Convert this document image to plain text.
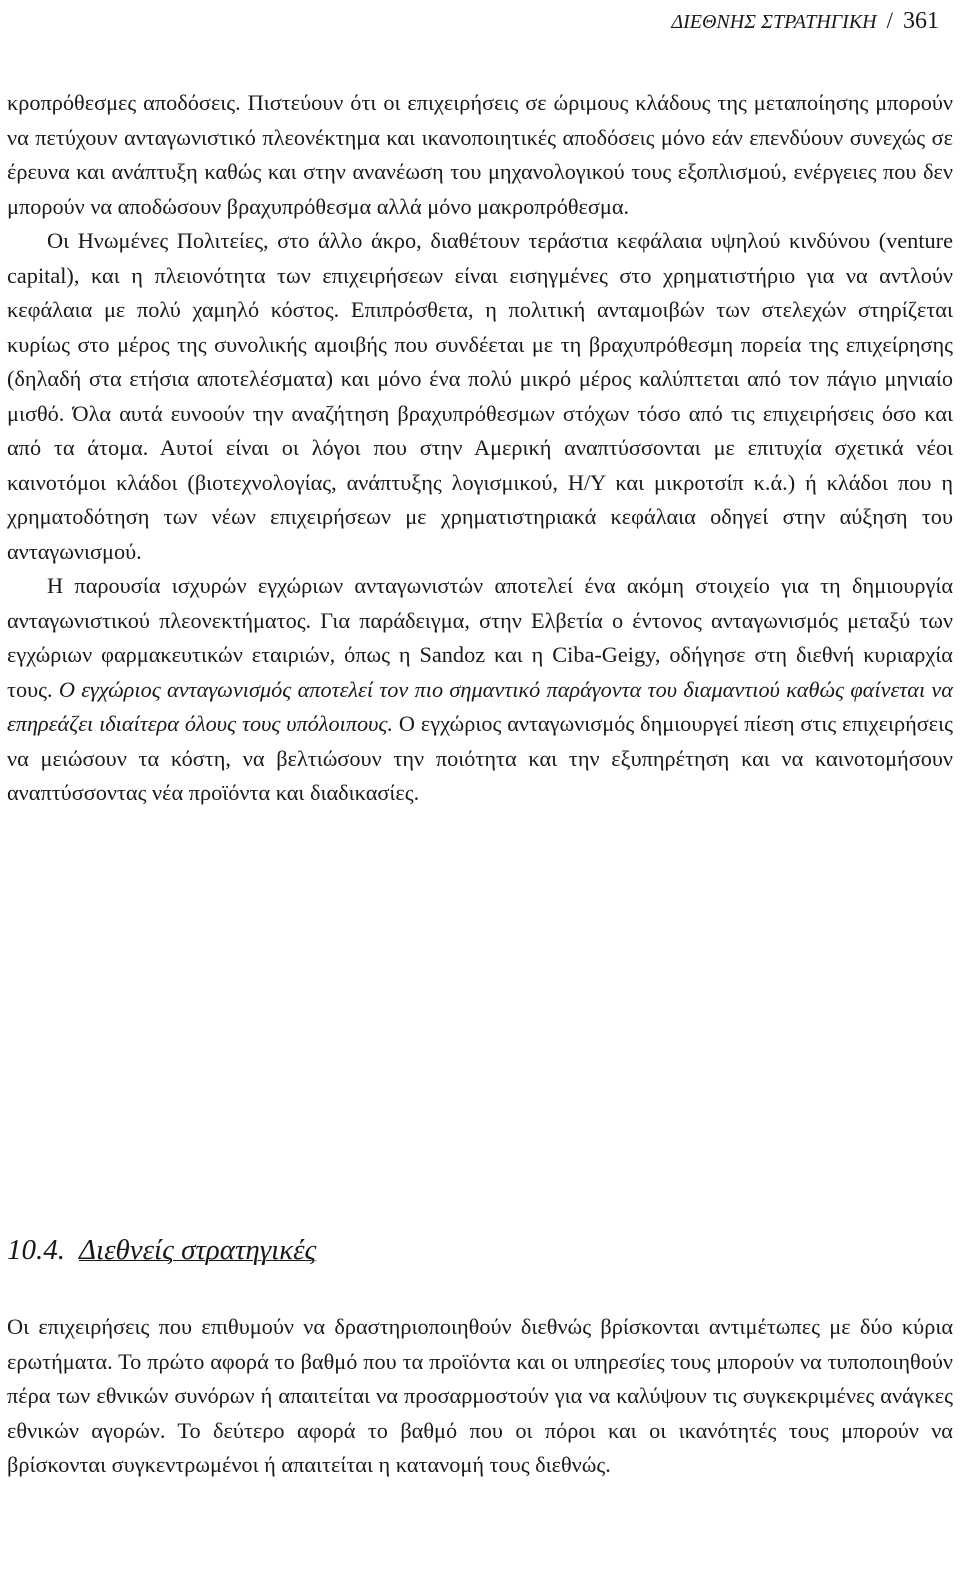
ΔΙΕΘΝΗΣ ΣΤΡΑΤΗΓΙΚΗ / 361

κροπρόθεσμες αποδόσεις. Πιστεύουν ότι οι επιχειρήσεις σε ώριμους κλάδους της μεταποίησης μπορούν να πετύχουν ανταγωνιστικό πλεονέκτημα και ικανοποιητικές αποδόσεις μόνο εάν επενδύουν συνεχώς σε έρευνα και ανάπτυξη καθώς και στην ανανέωση του μηχανολογικού τους εξοπλισμού, ενέργειες που δεν μπορούν να αποδώσουν βραχυπρόθεσμα αλλά μόνο μακροπρόθεσμα.

Οι Ηνωμένες Πολιτείες, στο άλλο άκρο, διαθέτουν τεράστια κεφάλαια υψηλού κινδύνου (venture capital), και η πλειονότητα των επιχειρήσεων είναι εισηγμένες στο χρηματιστήριο για να αντλούν κεφάλαια με πολύ χαμηλό κόστος. Επιπρόσθετα, η πολιτική ανταμοιβών των στελεχών στηρίζεται κυρίως στο μέρος της συνολικής αμοιβής που συνδέεται με τη βραχυπρόθεσμη πορεία της επιχείρησης (δηλαδή στα ετήσια αποτελέσματα) και μόνο ένα πολύ μικρό μέρος καλύπτεται από τον πάγιο μηνιαίο μισθό. Όλα αυτά ευνοούν την αναζήτηση βραχυπρόθεσμων στόχων τόσο από τις επιχειρήσεις όσο και από τα άτομα. Αυτοί είναι οι λόγοι που στην Αμερική αναπτύσσονται με επιτυχία σχετικά νέοι καινοτόμοι κλάδοι (βιοτεχνολογίας, ανάπτυξης λογισμικού, Η/Υ και μικροτσίπ κ.ά.) ή κλάδοι που η χρηματοδότηση των νέων επιχειρήσεων με χρηματιστηριακά κεφάλαια οδηγεί στην αύξηση του ανταγωνισμού.

Η παρουσία ισχυρών εγχώριων ανταγωνιστών αποτελεί ένα ακόμη στοιχείο για τη δημιουργία ανταγωνιστικού πλεονεκτήματος. Για παράδειγμα, στην Ελβετία ο έντονος ανταγωνισμός μεταξύ των εγχώριων φαρμακευτικών εταιριών, όπως η Sandoz και η Ciba-Geigy, οδήγησε στη διεθνή κυριαρχία τους. Ο εγχώριος ανταγωνισμός αποτελεί τον πιο σημαντικό παράγοντα του διαμαντιού καθώς φαίνεται να επηρεάζει ιδιαίτερα όλους τους υπόλοιπους. Ο εγχώριος ανταγωνισμός δημιουργεί πίεση στις επιχειρήσεις να μειώσουν τα κόστη, να βελτιώσουν την ποιότητα και την εξυπηρέτηση και να καινοτομήσουν αναπτύσσοντας νέα προϊόντα και διαδικασίες.

10.4. Διεθνείς στρατηγικές

Οι επιχειρήσεις που επιθυμούν να δραστηριοποιηθούν διεθνώς βρίσκονται αντιμέτωπες με δύο κύρια ερωτήματα. Το πρώτο αφορά το βαθμό που τα προϊόντα και οι υπηρεσίες τους μπορούν να τυποποιηθούν πέρα των εθνικών συνόρων ή απαιτείται να προσαρμοστούν για να καλύψουν τις συγκεκριμένες ανάγκες εθνικών αγορών. Το δεύτερο αφορά το βαθμό που οι πόροι και οι ικανότητές τους μπορούν να βρίσκονται συγκεντρωμένοι ή απαιτείται η κατανομή τους διεθνώς.
